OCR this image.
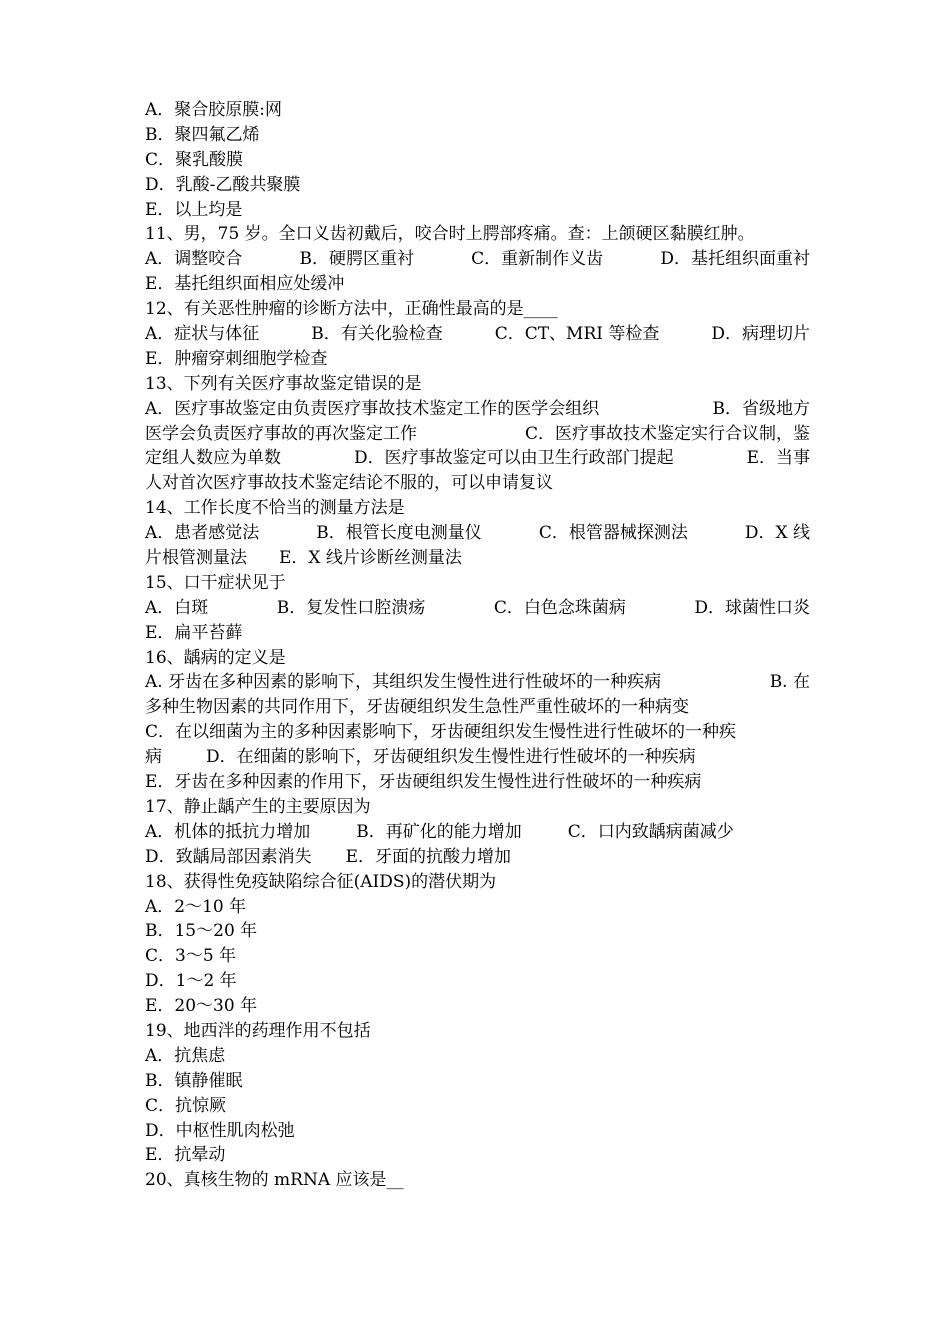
A．聚合胶原膜:网
B．聚四氟乙烯
C．聚乳酸膜
D．乳酸-乙酸共聚膜
E．以上均是
11、男，75 岁。全口义齿初戴后，咬合时上腭部疼痛。查：上颌硬区黏膜红肿。
A．调整咬合	B．硬腭区重衬	C．重新制作义齿	D．基托组织面重衬
E．基托组织面相应处缓冲
12、有关恶性肿瘤的诊断方法中，正确性最高的是____
A．症状与体征	B．有关化验检查	C．CT、MRI 等检查	D．病理切片
E．肿瘤穿刺细胞学检查
13、下列有关医疗事故鉴定错误的是
A．医疗事故鉴定由负责医疗事故技术鉴定工作的医学会组织	B．省级地方
医学会负责医疗事故的再次鉴定工作	C．医疗事故技术鉴定实行合议制，鉴
定组人数应为单数	D．医疗事故鉴定可以由卫生行政部门提起	E．当事
人对首次医疗事故技术鉴定结论不服的，可以申请复议
14、工作长度不恰当的测量方法是
A．患者感觉法	B．根管长度电测量仪	C．根管器械探测法	D．X 线
片根管测量法 E．X 线片诊断丝测量法
15、口干症状见于
A．白斑	B．复发性口腔溃疡	C．白色念珠菌病	D．球菌性口炎
E．扁平苔藓
16、龋病的定义是
A. 牙齿在多种因素的影响下，其组织发生慢性进行性破坏的一种疾病	B. 在
多种生物因素的共同作用下，牙齿硬组织发生急性严重性破坏的一种病变
C．在以细菌为主的多种因素影响下，牙齿硬组织发生慢性进行性破坏的一种疾
病	D．在细菌的影响下，牙齿硬组织发生慢性进行性破坏的一种疾病
E．牙齿在多种因素的作用下，牙齿硬组织发生慢性进行性破坏的一种疾病
17、静止龋产生的主要原因为
A．机体的抵抗力增加	B．再矿化的能力增加	C．口内致龋病菌减少
D．致龋局部因素消失 E．牙面的抗酸力增加
18、获得性免疫缺陷综合征(AIDS)的潜伏期为
A．2～10 年
B．15～20 年
C．3～5 年
D．1～2 年
E．20～30 年
19、地西泮的药理作用不包括
A．抗焦虑
B．镇静催眠
C．抗惊厥
D．中枢性肌肉松弛
E．抗晕动
20、真核生物的 mRNA 应该是__
